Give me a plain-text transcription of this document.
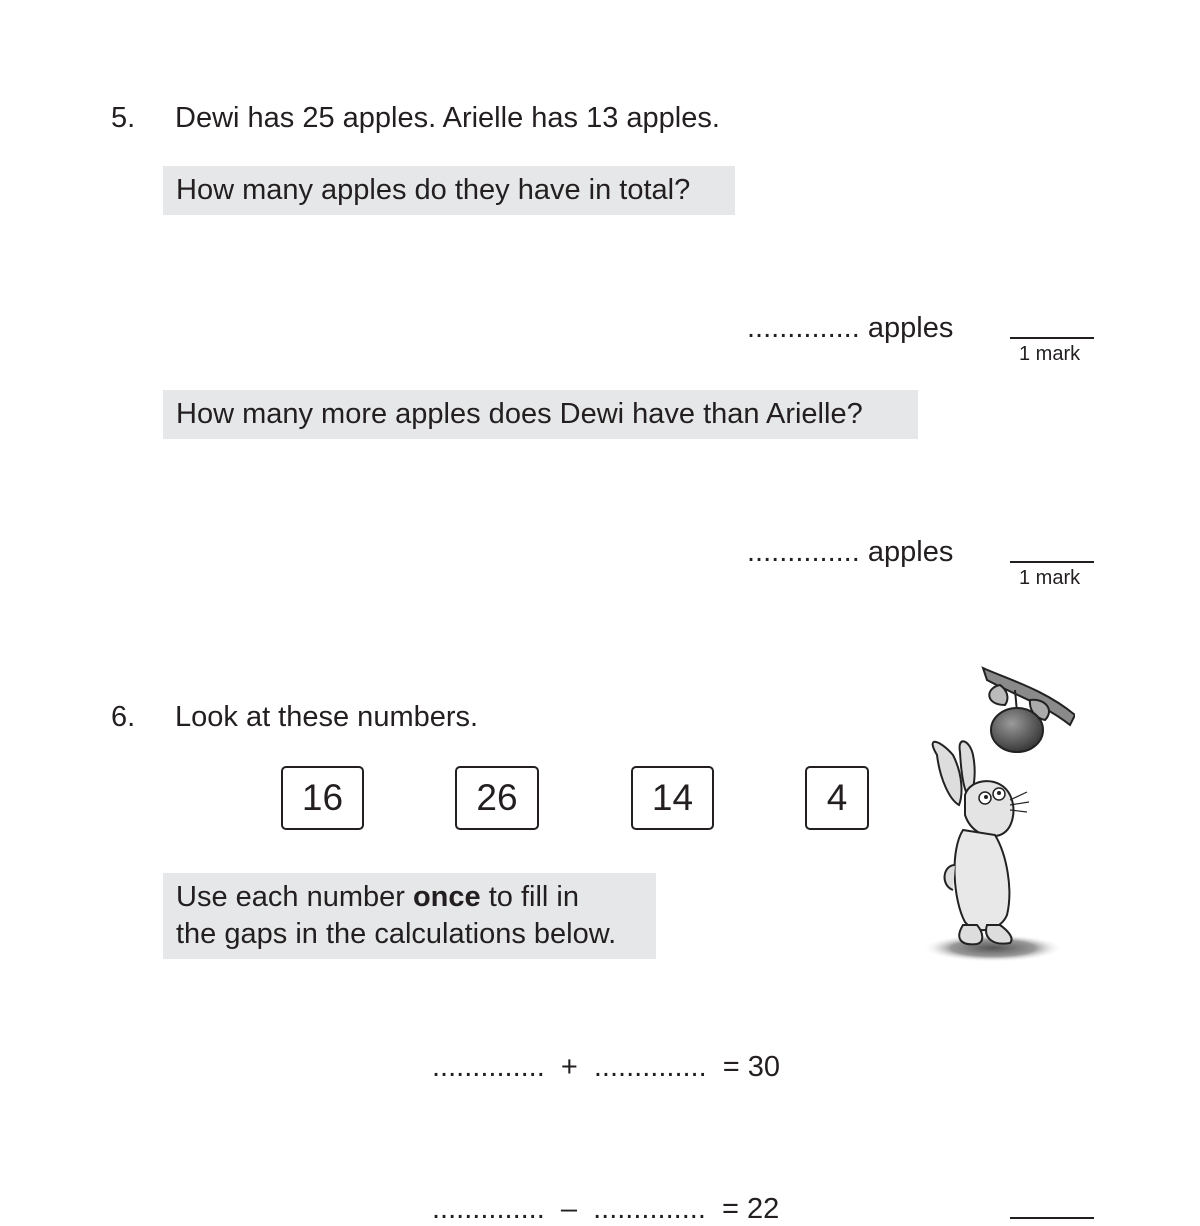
5. Dewi has 25 apples. Arielle has 13 apples.
How many apples do they have in total?
.............. apples
1 mark
How many more apples does Dewi have than Arielle?
.............. apples
1 mark
6. Look at these numbers.
16	26	14	4
Use each number once to fill in
the gaps in the calculations below.
.............. + .............. = 30
.............. – .............. = 22
